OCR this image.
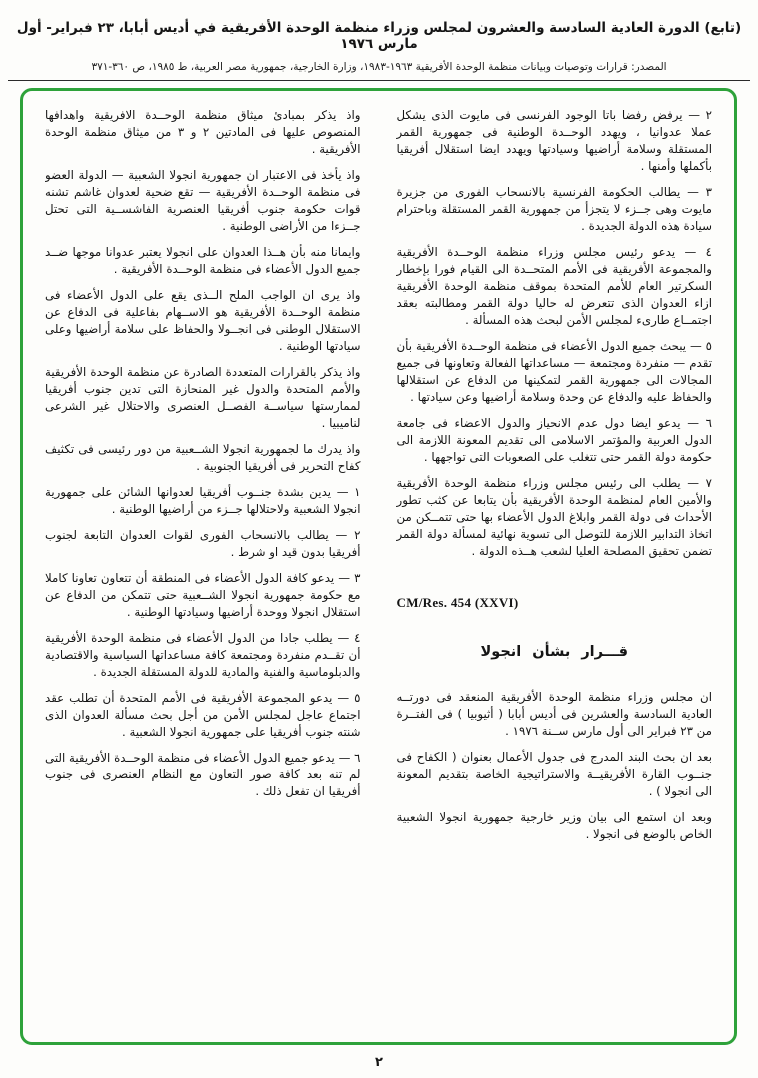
(تابع) الدورة العادية السادسة والعشرون لمجلس وزراء منظمة الوحدة الأفريقية في أديس أبابا، ٢٣ فبراير- أول مارس ١٩٧٦
المصدر: قرارات وتوصيات وبيانات منظمة الوحدة الأفريقية ١٩٦٣-١٩٨٣، وزارة الخارجية، جمهورية مصر العربية، ط ١٩٨٥، ص ٣٦٠-٣٧١

٢ — يرفض رفضا باتا الوجود الفرنسى فى مايوت الذى يشكل عملا عدوانيا ، ويهدد الوحــدة الوطنية فى جمهورية القمر المستقلة وسلامة أراضيها وسيادتها ويهدد ايضا استقلال أفريقيا بأكملها وأمنها .

٣ — يطالب الحكومة الفرنسية بالانسحاب الفورى من جزيرة مايوت وهى جــزء لا يتجزأ من جمهورية القمر المستقلة وباحترام سيادة هذه الدولة الجديدة .

٤ — يدعو رئيس مجلس وزراء منظمة الوحــدة الأفريقية والمجموعة الأفريقية فى الأمم المتحــدة الى القيام فورا بإخطار السكرتير العام للأمم المتحدة بموقف منظمة الوحدة الأفريقية ازاء العدوان الذى تتعرض له حاليا دولة القمر ومطالبته بعقد اجتمــاع طارىء لمجلس الأمن لبحث هذه المسألة .

٥ — يبحث جميع الدول الأعضاء فى منظمة الوحــدة الأفريقية بأن تقدم — منفردة ومجتمعة — مساعداتها الفعالة وتعاونها فى جميع المجالات الى جمهورية القمر لتمكينها من الدفاع عن استقلالها والحفاظ عليه والدفاع عن وحدة وسلامة أراضيها وعن سيادتها .

٦ — يدعو ايضا دول عدم الانحياز والدول الاعضاء فى جامعة الدول العربية والمؤتمر الاسلامى الى تقديم المعونة اللازمة الى حكومة دولة القمر حتى تتغلب على الصعوبات التى تواجهها .

٧ — يطلب الى رئيس مجلس وزراء منظمة الوحدة الأفريقية والأمين العام لمنظمة الوحدة الأفريقية بأن يتابعا عن كثب تطور الأحداث فى دولة القمر وابلاغ الدول الأعضاء بها حتى تتمــكن من اتخاذ التدابير اللازمة للتوصل الى تسوية نهائية لمسألة دولة القمر تضمن تحقيق المصلحة العليا لشعب هــذه الدولة .

CM/Res. 454 (XXVI)
قـــرار بشأن انجولا

ان مجلس وزراء منظمة الوحدة الأفريقية المنعقد فى دورتــه العادية السادسة والعشرين فى أديس أبابا ( أثيوبيا ) فى الفتــرة من ٢٣ فبراير الى أول مارس ســنة ١٩٧٦ .

بعد ان بحث البند المدرج فى جدول الأعمال بعنوان ( الكفاح فى جنــوب القارة الأفريقيــة والاستراتيجية الخاصة بتقديم المعونة الى انجولا ) .

وبعد ان استمع الى بيان وزير خارجية جمهورية انجولا الشعبية الخاص بالوضع فى انجولا .

واذ يذكر بمبادئ ميثاق منظمة الوحــدة الافريقية واهدافها المنصوص عليها فى المادتين ٢ و ٣ من ميثاق منظمة الوحدة الأفريقية .

واذ يأخذ فى الاعتبار ان جمهورية انجولا الشعبية — الدولة العضو فى منظمة الوحــدة الأفريقية — تقع ضحية لعدوان غاشم تشنه قوات حكومة جنوب أفريقيا العنصرية الفاشســية التى تحتل جــزءا من الأراضى الوطنية .

وايمانا منه بأن هــذا العدوان على انجولا يعتبر عدوانا موجها ضــد جميع الدول الأعضاء فى منظمة الوحــدة الأفريقية .

واذ يرى ان الواجب الملح الــذى يقع على الدول الأعضاء فى منظمة الوحــدة الأفريقية هو الاســهام بفاعلية فى الدفاع عن الاستقلال الوطنى فى انجــولا والحفاظ على سلامة أراضيها وعلى سيادتها الوطنية .

واذ يذكر بالقرارات المتعددة الصادرة عن منظمة الوحدة الأفريقية والأمم المتحدة والدول غير المنحازة التى تدين جنوب أفريقيا لممارستها سياســة الفصــل العنصرى والاحتلال غير الشرعى لناميبيا .

واذ يدرك ما لجمهورية انجولا الشــعبية من دور رئيسى فى تكثيف كفاح التحرير فى أفريقيا الجنوبية .

١ — يدين بشدة جنــوب أفريقيا لعدوانها الشائن على جمهورية انجولا الشعبية ولاحتلالها جــزء من أراضيها الوطنية .

٢ — يطالب بالانسحاب الفورى لقوات العدوان التابعة لجنوب أفريقيا بدون قيد او شرط .

٣ — يدعو كافة الدول الأعضاء فى المنطقة أن تتعاون تعاونا كاملا مع حكومة جمهورية انجولا الشــعبية حتى تتمكن من الدفاع عن استقلال انجولا ووحدة أراضيها وسيادتها الوطنية .

٤ — يطلب جادا من الدول الأعضاء فى منظمة الوحدة الأفريقية أن تقــدم منفردة ومجتمعة كافة مساعداتها السياسية والاقتصادية والدبلوماسية والفنية والمادية للدولة المستقلة الجديدة .

٥ — يدعو المجموعة الأفريقية فى الأمم المتحدة أن تطلب عقد اجتماع عاجل لمجلس الأمن من أجل بحث مسألة العدوان الذى شنته جنوب أفريقيا على جمهورية انجولا الشعبية .

٦ — يدعو جميع الدول الأعضاء فى منظمة الوحــدة الأفريقية التى لم تنه بعد كافة صور التعاون مع النظام العنصرى فى جنوب أفريقيا ان تفعل ذلك .

٢
